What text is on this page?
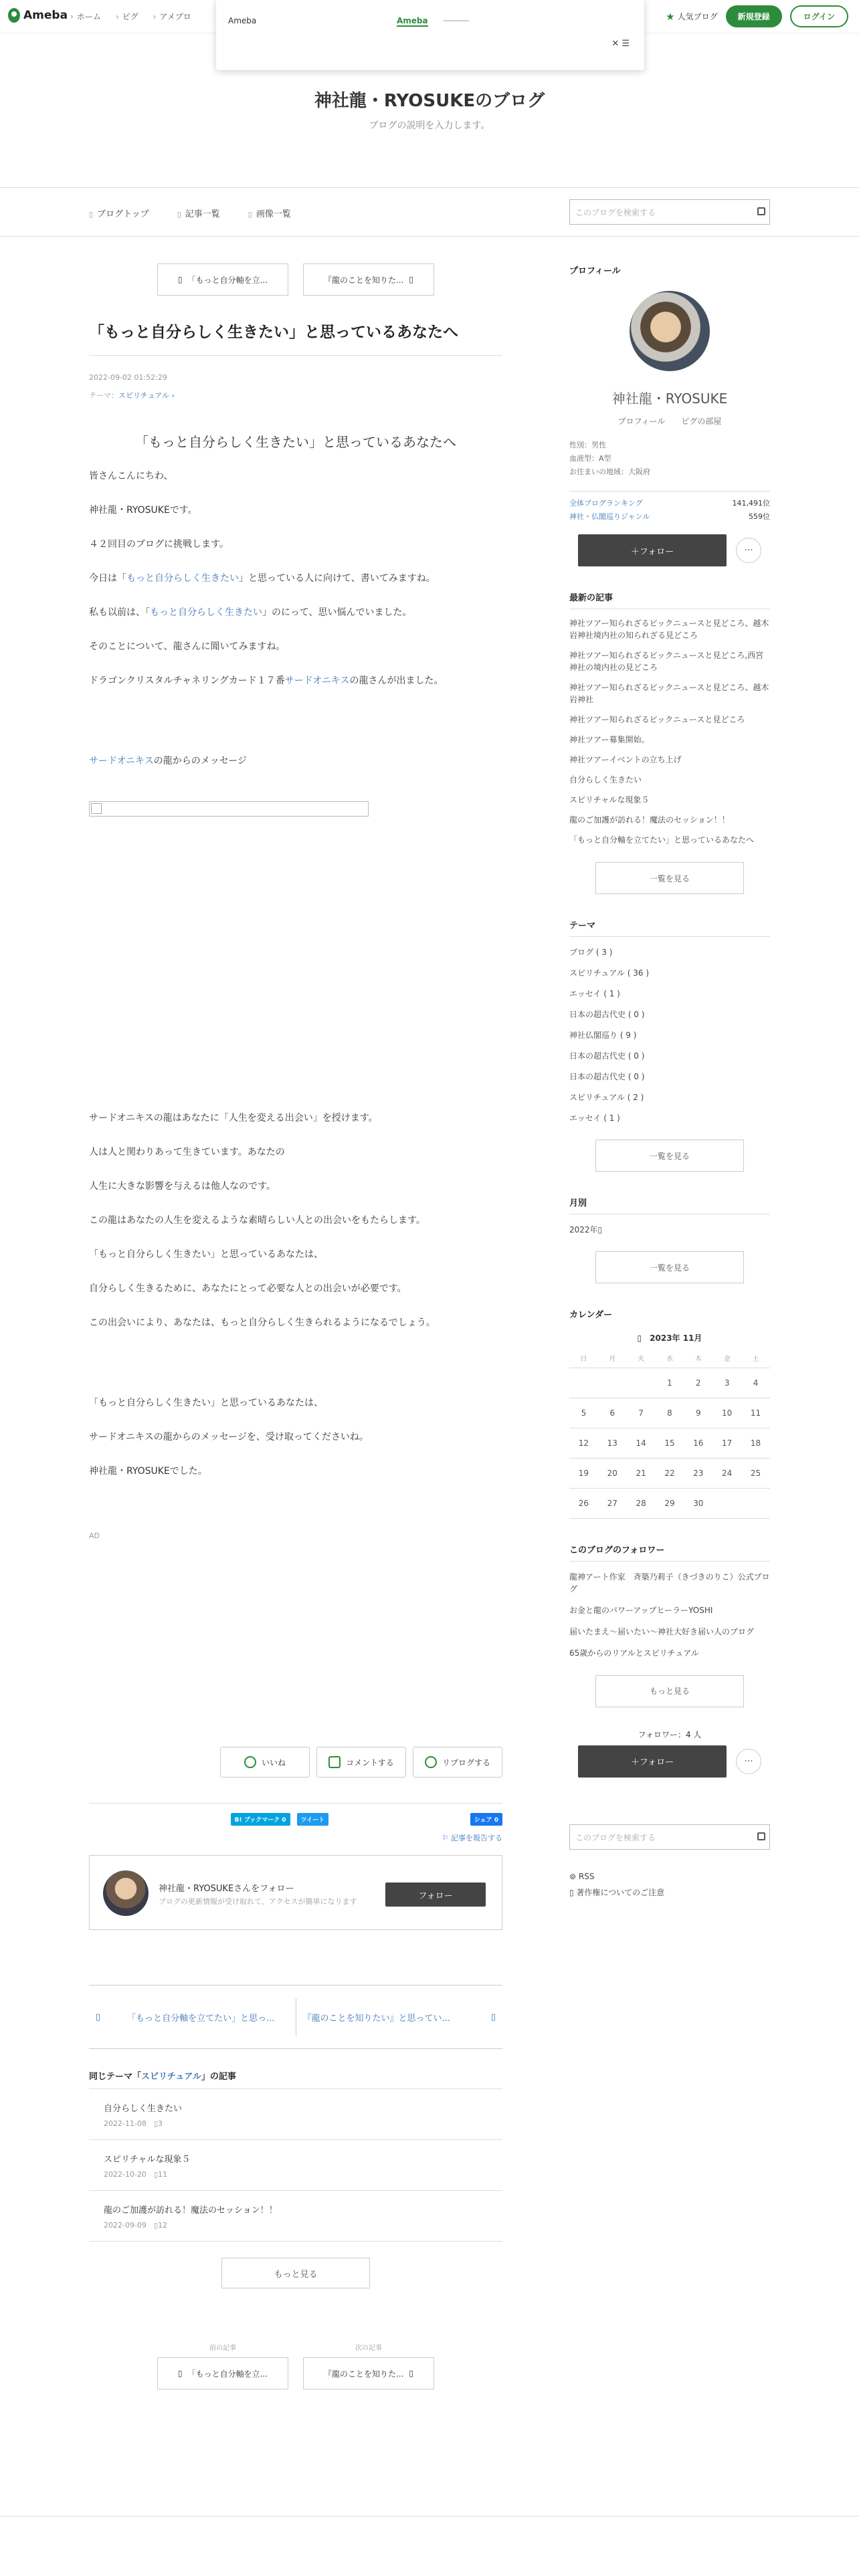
Ameba	› ホーム	› ピグ	› アメブロ	★ 人気ブログ	新規登録	ログイン
Ameba	Ameba
✕ ☰
神社龍・RYOSUKEのブログ

ブログの説明を入力します。

▯ ブログトップ	▯ 記事一覧	▯ 画像一覧	このブログを検索する
▯ 「もっと自分軸を立...	『龍のことを知りた... ▯
「もっと自分らしく生きたい」と思っているあなたへ
2022-09-02 01:52:29
テーマ：スピリチュアル ›
「もっと自分らしく生きたい」と思っているあなたへ

皆さんこんにちわ、

神社龍・RYOSUKEです。

４２回目のブログに挑戦します。

今日は「もっと自分らしく生きたい」と思っている人に向けて、書いてみますね。

私も以前は、「もっと自分らしく生きたい」のにって、思い悩んでいました。

そのことについて、龍さんに聞いてみますね。

ドラゴンクリスタルチャネリングカード１７番サードオニキスの龍さんが出ました。

サードオニキスの龍からのメッセージ

サードオニキスの龍はあなたに「人生を変える出会い」を授けます。

人は人と関わりあって生きています。あなたの

人生に大きな影響を与えるは他人なのです。

この龍はあなたの人生を変えるような素晴らしい人との出会いをもたらします。

「もっと自分らしく生きたい」と思っているあなたは、

自分らしく生きるために、あなたにとって必要な人との出会いが必要です。

この出会いにより、あなたは、もっと自分らしく生きられるようになるでしょう。

「もっと自分らしく生きたい」と思っているあなたは、

サードオニキスの龍からのメッセージを、受け取ってくださいね。

神社龍・RYOSUKEでした。

AD
いいね	コメントする	リブログする
B! ブックマーク 0	ツイート	シェア 0
⚐ 記事を報告する
神社龍・RYOSUKEさんをフォロー
ブログの更新情報が受け取れて、アクセスが簡単になります
フォロー
▯	「もっと自分軸を立てたい」と思っ...	『龍のことを知りたい』と思ってい...	▯
同じテーマ「スピリチュアル」の記事
自分らしく生きたい
2022-11-08　 ▯3
スピリチャルな現象５
2022-10-20　 ▯11
龍のご加護が訪れる！魔法のセッション！！
2022-09-09　 ▯12
もっと見る
前の記事
▯ 「もっと自分軸を立...
次の記事
『龍のことを知りた... ▯
プロフィール
神社龍・RYOSUKE
プロフィール　　ピグの部屋
性別：男性
血液型：A型
お住まいの地域：大阪府
全体ブログランキング	141,491位
神社・仏閣巡りジャンル	559位
＋フォロー	···
最新の記事
神社ツアー知られざるビックニュースと見どころ、越木岩神社境内社の知られざる見どころ
神社ツアー知られざるビックニュースと見どころ,西宮神社の境内社の見どころ
神社ツアー知られざるビックニュースと見どころ、越木岩神社
神社ツアー知られざるビックニュースと見どころ
神社ツアー募集開始。
神社ツアーイベントの立ち上げ
自分らしく生きたい
スピリチャルな現象５
龍のご加護が訪れる！魔法のセッション！！
「もっと自分軸を立てたい」と思っているあなたへ
一覧を見る
テーマ
ブログ ( 3 )
スピリチュアル ( 36 )
エッセイ ( 1 )
日本の超古代史 ( 0 )
神社仏閣巡り ( 9 )
日本の超古代史 ( 0 )
日本の超古代史 ( 0 )
スピリチュアル ( 2 )
エッセイ ( 1 )
一覧を見る
月別
2022年▯
一覧を見る
カレンダー
▯　2023年 11月
日	月	火	水	木	金	土
			1	2	3	4
5	6	7	8	9	10	11
12	13	14	15	16	17	18
19	20	21	22	23	24	25
26	27	28	29	30		
このブログのフォロワー
龍神アート作家　斉築乃莉子（きづきのりこ）公式ブログ
お金と龍のパワーアップヒーラーYOSHI
届いたまえ〜届いたい〜神社大好き届い人のブログ
65歳からのリアルとスピリチュアル
もっと見る
フォロワー：4 人
＋フォロー	···
このブログを検索する
⊚ RSS
▯ 著作権についてのご注意
